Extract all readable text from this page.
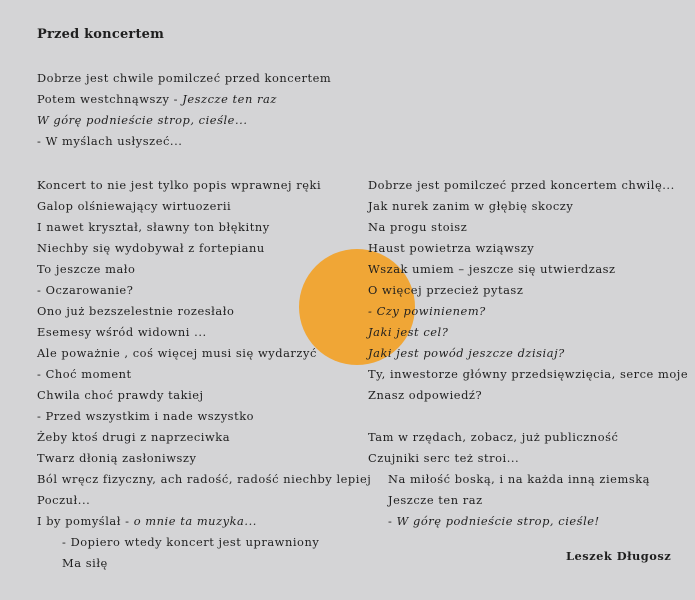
Przed koncertem
Dobrze jest chwile pomilczeć przed koncertem
Potem westchnąwszy - Jeszcze ten raz
W górę podnieście strop, cieśle...
- W myślach usłyszeć...
Koncert to nie jest tylko popis wprawnej ręki
Galop olśniewający wirtuozerii
I nawet kryształ, sławny ton błękitny
Niechby się wydobywał z fortepianu
To jeszcze mało
- Oczarowanie?
Ono już bezszelestnie rozesłało
Esemesy wśród widowni ...
Ale poważnie , coś więcej musi się wydarzyć
- Choć moment
Chwila choć prawdy takiej
- Przed wszystkim i nade wszystko
Żeby ktoś drugi z naprzeciwka
Twarz dłonią zasłoniwszy
Ból wręcz fizyczny, ach radość, radość niechby lepiej
Poczuł...
I by pomyślał - o mnie ta muzyka...
- Dopiero wtedy koncert jest uprawniony
Ma siłę
Dobrze jest pomilczeć przed koncertem chwilę...
Jak nurek zanim w głębię skoczy
Na progu stoisz
Haust powietrza wziąwszy
Wszak umiem – jeszcze się utwierdzasz
O więcej przecież pytasz
- Czy powinienem?
Jaki jest cel?
Jaki jest powód jeszcze dzisiaj?
Ty, inwestorze główny przedsięwzięcia, serce moje
Znasz odpowiedź?
Tam w rzędach, zobacz, już publiczność
Czujniki serc też stroi...
Na miłość boską, i na każda inną ziemską
Jeszcze ten raz
- W górę podnieście strop, cieśle!
Leszek Długosz
